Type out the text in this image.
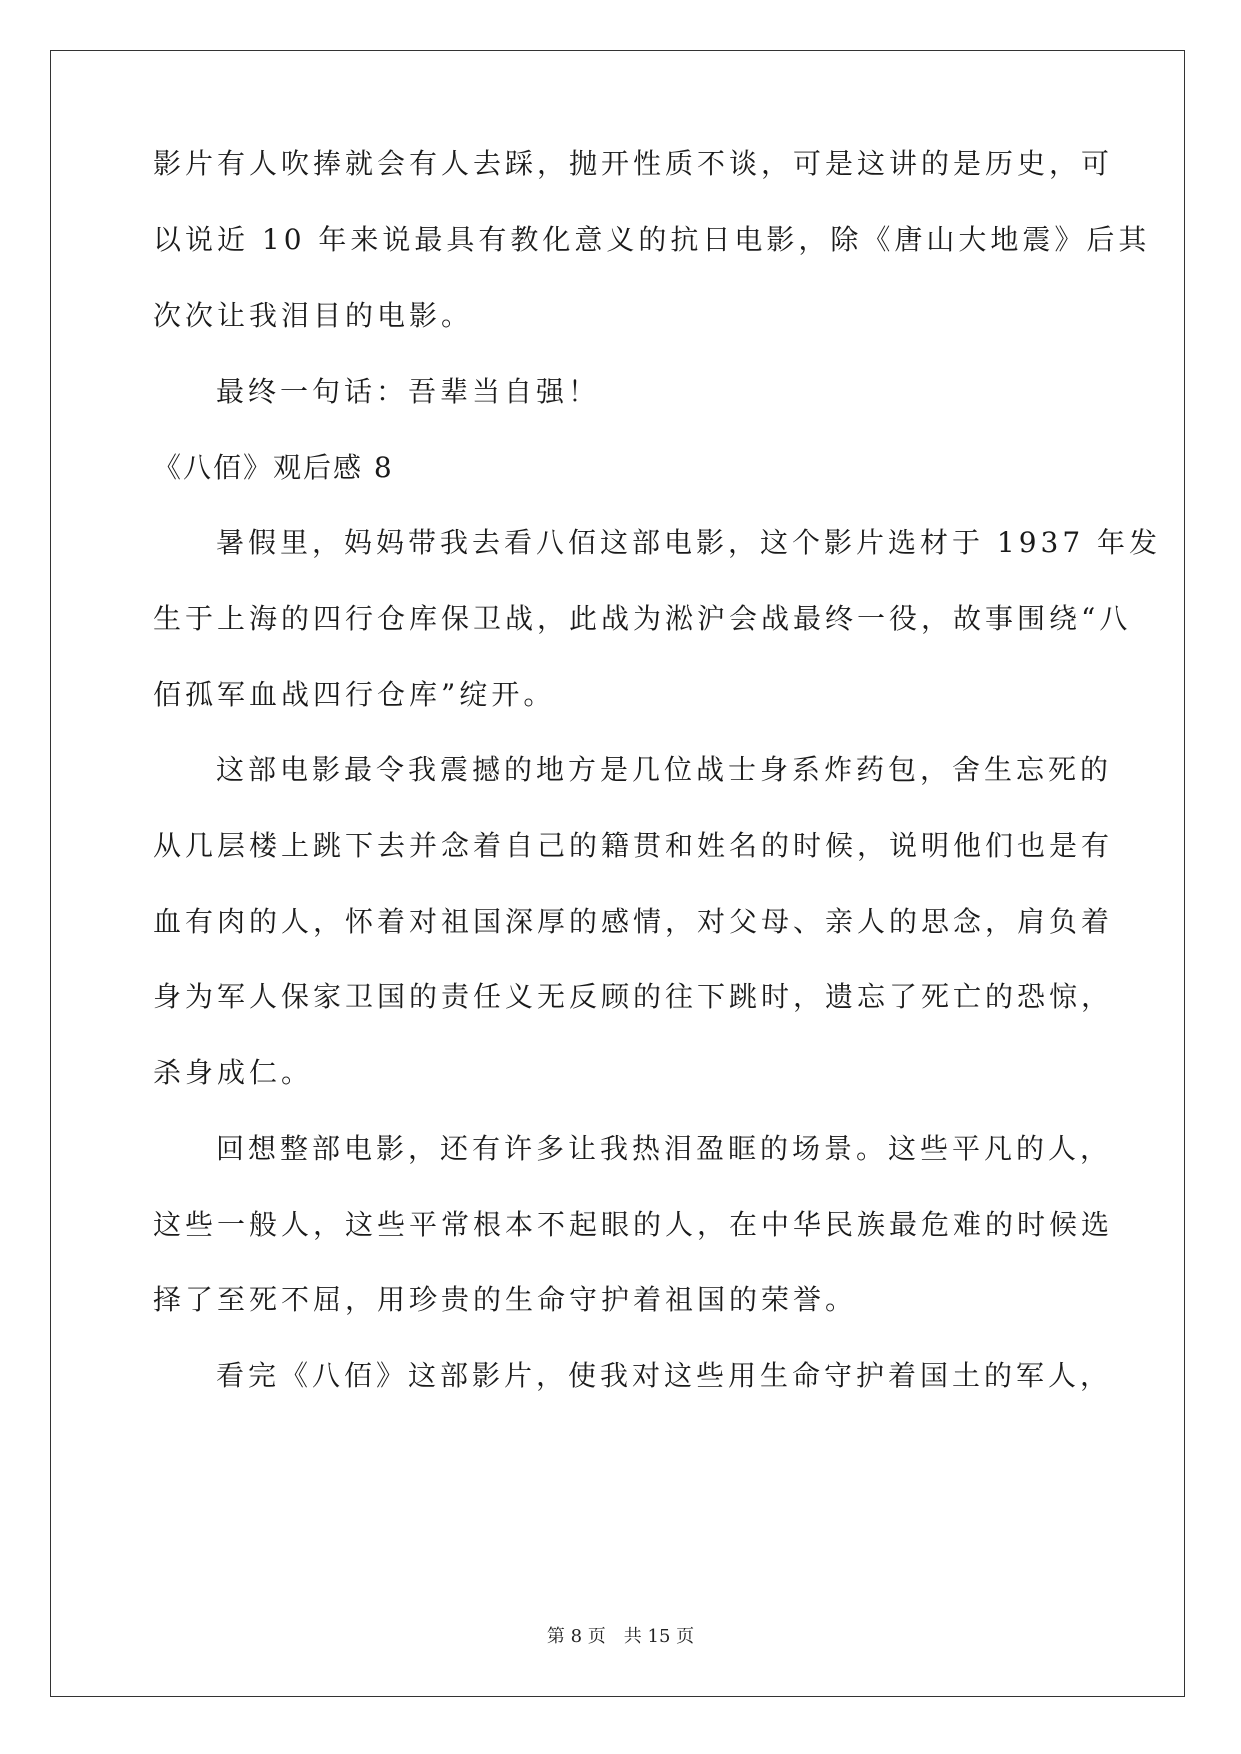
影片有人吹捧就会有人去踩，抛开性质不谈，可是这讲的是历史，可
以说近 10 年来说最具有教化意义的抗日电影，除《唐山大地震》后其
次次让我泪目的电影。
最终一句话：吾辈当自强！
《八佰》观后感 8
暑假里，妈妈带我去看八佰这部电影，这个影片选材于 1937 年发
生于上海的四行仓库保卫战，此战为淞沪会战最终一役，故事围绕“八
佰孤军血战四行仓库”绽开。
这部电影最令我震撼的地方是几位战士身系炸药包，舍生忘死的
从几层楼上跳下去并念着自己的籍贯和姓名的时候，说明他们也是有
血有肉的人，怀着对祖国深厚的感情，对父母、亲人的思念，肩负着
身为军人保家卫国的责任义无反顾的往下跳时，遗忘了死亡的恐惊，
杀身成仁。
回想整部电影，还有许多让我热泪盈眶的场景。这些平凡的人，
这些一般人，这些平常根本不起眼的人，在中华民族最危难的时候选
择了至死不屈，用珍贵的生命守护着祖国的荣誉。
看完《八佰》这部影片，使我对这些用生命守护着国土的军人，
第 8 页　共 15 页
